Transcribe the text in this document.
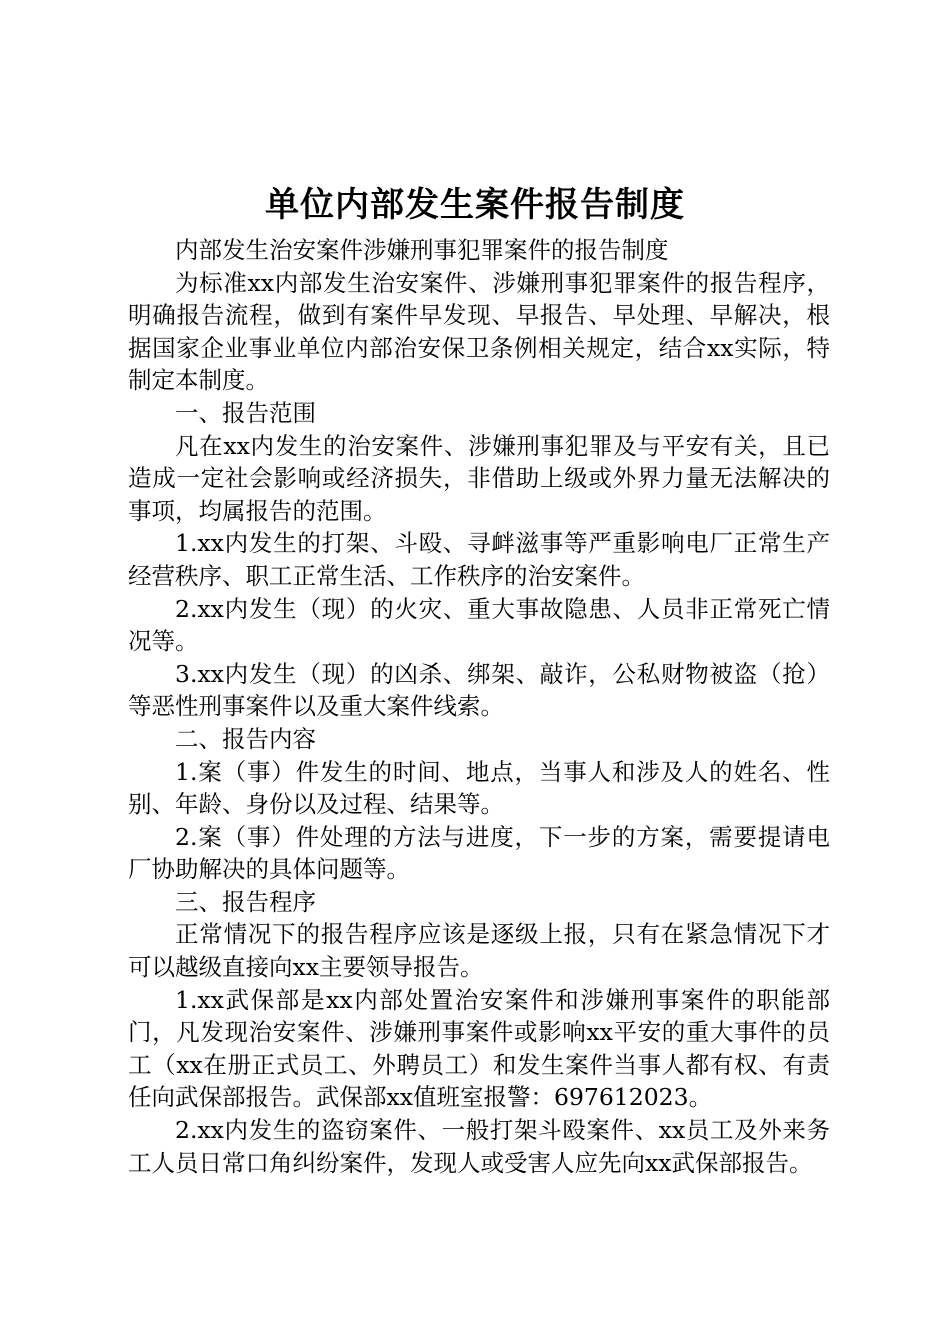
单位内部发生案件报告制度

内部发生治安案件涉嫌刑事犯罪案件的报告制度

为标准xx内部发生治安案件、涉嫌刑事犯罪案件的报告程序，明确报告流程，做到有案件早发现、早报告、早处理、早解决，根据国家企业事业单位内部治安保卫条例相关规定，结合xx实际，特制定本制度。

一、报告范围

凡在xx内发生的治安案件、涉嫌刑事犯罪及与平安有关，且已造成一定社会影响或经济损失，非借助上级或外界力量无法解决的事项，均属报告的范围。

1.xx内发生的打架、斗殴、寻衅滋事等严重影响电厂正常生产经营秩序、职工正常生活、工作秩序的治安案件。

2.xx内发生（现）的火灾、重大事故隐患、人员非正常死亡情况等。

3.xx内发生（现）的凶杀、绑架、敲诈，公私财物被盗（抢）等恶性刑事案件以及重大案件线索。

二、报告内容

1.案（事）件发生的时间、地点，当事人和涉及人的姓名、性别、年龄、身份以及过程、结果等。

2.案（事）件处理的方法与进度，下一步的方案，需要提请电厂协助解决的具体问题等。

三、报告程序

正常情况下的报告程序应该是逐级上报，只有在紧急情况下才可以越级直接向xx主要领导报告。

1.xx武保部是xx内部处置治安案件和涉嫌刑事案件的职能部门，凡发现治安案件、涉嫌刑事案件或影响xx平安的重大事件的员工（xx在册正式员工、外聘员工）和发生案件当事人都有权、有责任向武保部报告。武保部xx值班室报警：697612023。

2.xx内发生的盗窃案件、一般打架斗殴案件、xx员工及外来务工人员日常口角纠纷案件，发现人或受害人应先向xx武保部报告。
